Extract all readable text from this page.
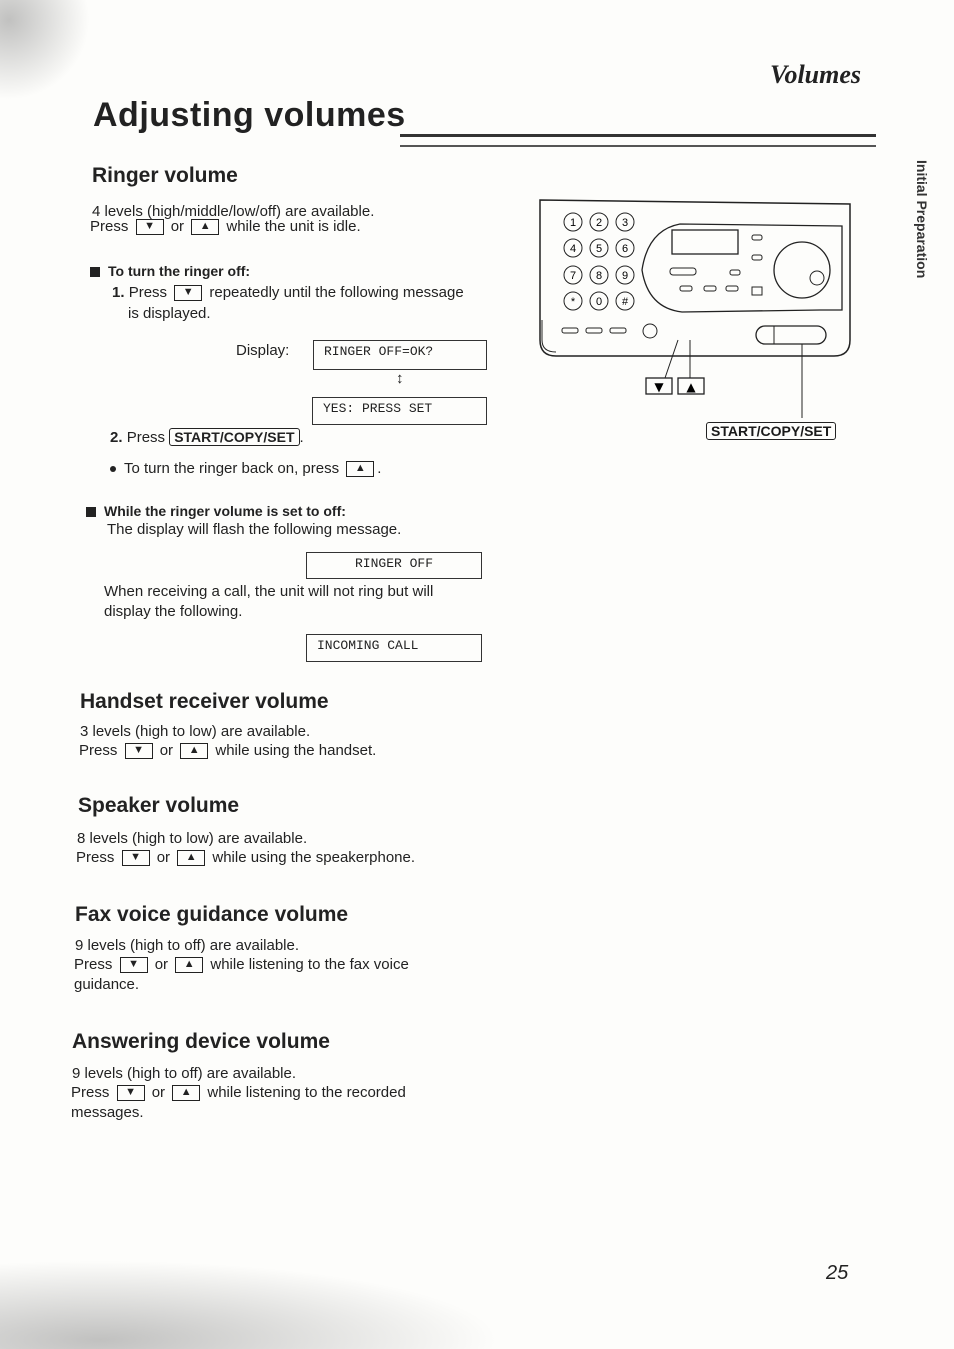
Volumes
Adjusting volumes
Initial Preparation
Ringer volume
4 levels (high/middle/low/off) are available.
Press ▼ or ▲ while the unit is idle.
To turn the ringer off:
1. Press ▼ repeatedly until the following message
is displayed.
Display:	RINGER OFF=OK?
↕
YES: PRESS SET
2. Press START/COPY/SET .
To turn the ringer back on, press ▲ .
While the ringer volume is set to off:
The display will flash the following message.
RINGER OFF
When receiving a call, the unit will not ring but will
display the following.
INCOMING CALL
Handset receiver volume
3 levels (high to low) are available.
Press ▼ or ▲ while using the handset.
Speaker volume
8 levels (high to low) are available.
Press ▼ or ▲ while using the speakerphone.
Fax voice guidance volume
9 levels (high to off) are available.
Press ▼ or ▲ while listening to the fax voice
guidance.
Answering device volume
9 levels (high to off) are available.
Press ▼ or ▲ while listening to the recorded
messages.
1 2 3
4 5 6
7 8 9
* 0 #
▼ ▲
START/COPY/SET
25
